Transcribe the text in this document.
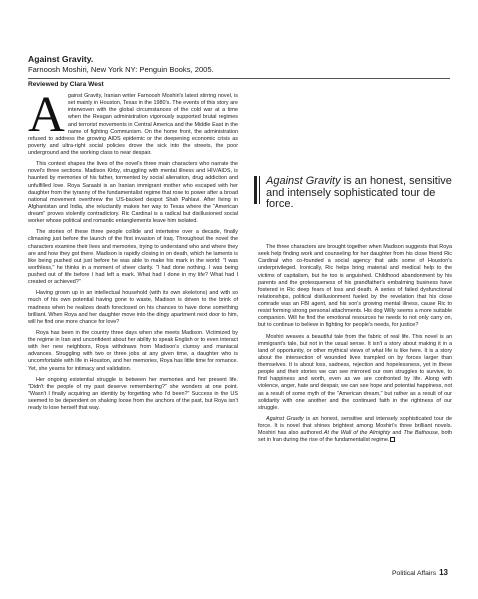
Against Gravity.
Farnoosh Moshiri, New York NY: Penguin Books, 2005.
Reviewed by Clara West

Against Gravity, Iranian writer Farnoosh Moshiri's latest stirring novel, is set mainly in Houston, Texas in the 1980's. The events of this story are interwoven with the global circumstances of the cold war at a time when the Reagan administration vigorously supported brutal regimes and terrorist movements in Central America and the Middle East in the name of fighting Communism. On the home front, the administration refused to address the growing AIDS epidemic or the deepening economic crisis as poverty and ultra-right social policies drove the sick into the streets, the poor underground and the working class to near despair.

This context shapes the lives of the novel's three main characters who narrate the novel's three sections. Madison Kirby, struggling with mental illness and HIV/AIDS, is haunted by memories of his father, tormented by social alienation, drug addiction and unfulfilled love. Roya Saraabi is an Iranian immigrant mother who escaped with her daughter from the tyranny of the fundamentalist regime that rose to power after a broad national movement overthrew the US-backed despot Shah Pahlavi. After living in Afghanistan and India, she reluctantly makes her way to Texas where the "American dream" proves violently contradictory. Ric Cardinal is a radical but disillusioned social worker whose political and romantic entanglements leave him isolated.

The stories of these three people collide and intertwine over a decade, finally climaxing just before the launch of the first invasion of Iraq. Throughout the novel the characters examine their lives and memories, trying to understand who and where they are and how they got there. Madison is rapidly closing in on death, which he laments is like being pushed out just before he was able to make his mark in the world: "I was worthless," he thinks in a moment of sheer clarity. "I had done nothing. I was being pushed out of life before I had left a mark. What had I done in my life? What had I created or achieved?"

Having grown up in an intellectual household (with its own skeletons) and with so much of his own potential having gone to waste, Madison is driven to the brink of madness when he realizes death foreclosed on his chances to have done something brilliant. When Roya and her daughter move into the dingy apartment next door to him, will he find one more chance for love?

Roya has been in the country three days when she meets Madison. Victimized by the regime in Iran and unconfident about her ability to speak English or to even interact with her new neighbors, Roya withdraws from Madison's clumsy and maniacal advances. Struggling with two or three jobs at any given time, a daughter who is uncomfortable with life in Houston, and her memories, Roya has little time for romance. Yet, she yearns for intimacy and validation.

Her ongoing existential struggle is between her memories and her present life. "Didn't the people of my past deserve remembering?" she wonders at one point. "Wasn't I finally acquiring an identity by forgetting who I'd been?" Success in the US seemed to be dependent on shaking loose from the anchors of the past, but Roya isn't ready to lose herself that way.

Against Gravity is an honest, sensitive and intensely sophisticated tour de force.

The three characters are brought together when Madison suggests that Roya seek help finding work and counseling for her daughter from his close friend Ric Cardinal who co-founded a social agency that aids some of Houston's underprivileged. Ironically, Ric helps bring material and medical help to the victims of capitalism, but he too is anguished. Childhood abandonment by his parents and the grotesqueness of his grandfather's embalming business have fostered in Ric deep fears of loss and death. A series of failed dysfunctional relationships, political disillusionment fueled by the revelation that his close comrade was an FBI agent, and his son's growing mental illness, cause Ric to resist forming strong personal attachments. His dog Willy seems a more suitable companion. Will he find the emotional resources he needs to not only carry on, but to continue to believe in fighting for people's needs, for justice?

Moshiri weaves a beautiful tale from the fabric of real life. This novel is an immigrant's tale, but not in the usual sense. It isn't a story about making it in a land of opportunity, or other mythical views of what life is like here. It is a story about the intersection of wounded lives trampled on by forces larger than themselves. It is about loss, sadness, rejection and hopelessness, yet in these people and their stories we can see mirrored our own struggles to survive, to find happiness and worth, even as we are confronted by life. Along with violence, anger, hate and despair, we can see hope and potential happiness, not as a result of some myth of the "American dream," but rather as a result of our solidarity with one another and the continued faith in the rightness of our struggle.

Against Gravity is an honest, sensitive and intensely sophisticated tour de force. It is novel that shines brightest among Moshiri's three brilliant novels. Moshiri has also authored At the Wall of the Almighty and The Bathouse, both set in Iran during the rise of the fundamentalist regime.

Political Affairs 13
